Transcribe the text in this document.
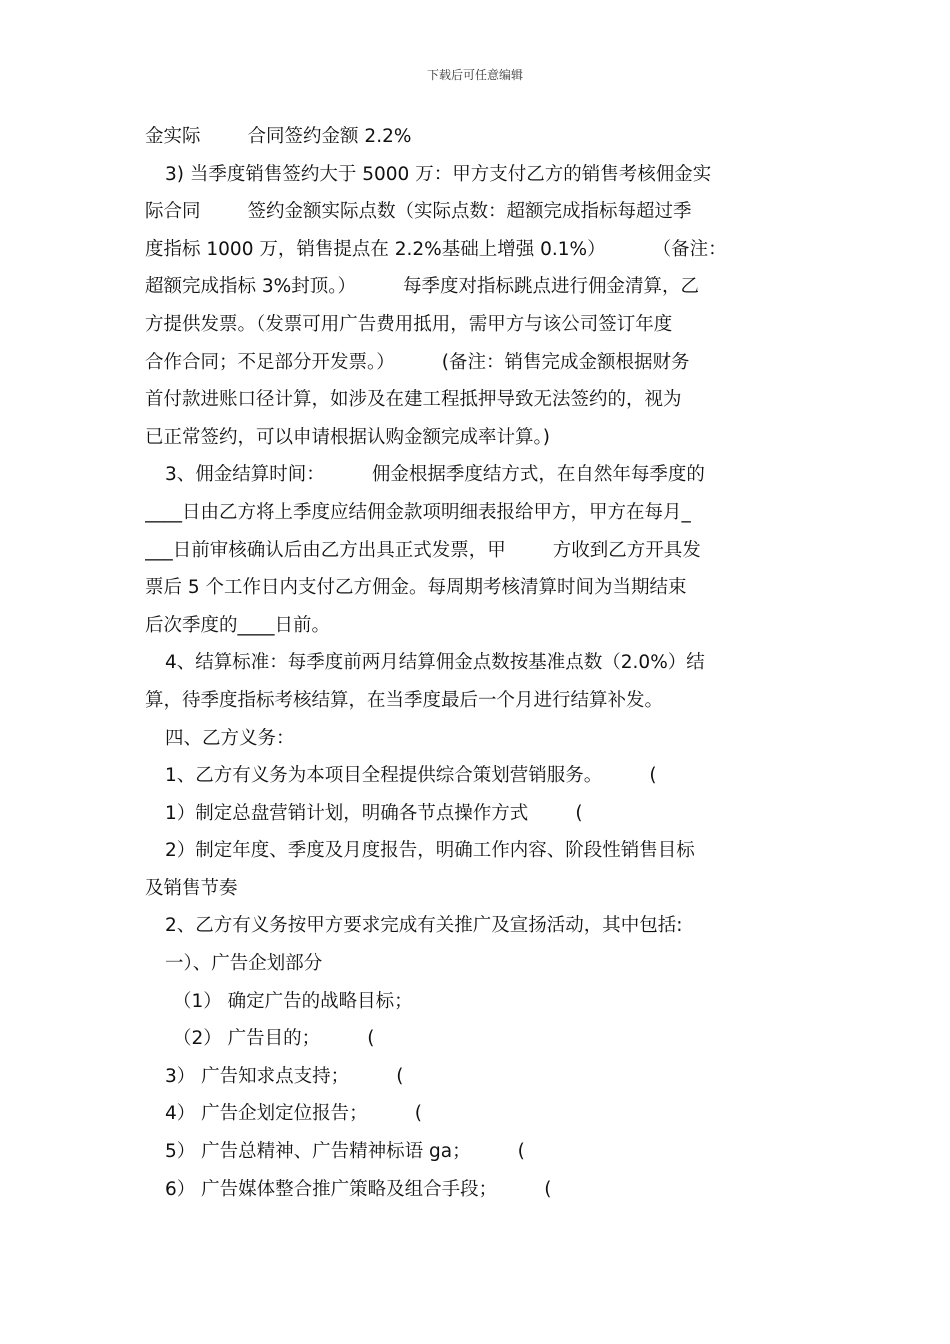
下载后可任意编辑
金实际        合同签约金额 2.2%
3) 当季度销售签约大于 5000 万：甲方支付乙方的销售考核佣金实
际合同        签约金额实际点数（实际点数：超额完成指标每超过季
度指标 1000 万，销售提点在 2.2%基础上增强 0.1%）        （备注：
超额完成指标 3%封顶。）        每季度对指标跳点进行佣金清算，乙
方提供发票。（发票可用广告费用抵用，需甲方与该公司签订年度
合作合同；不足部分开发票。）        (备注：销售完成金额根据财务
首付款进账口径计算，如涉及在建工程抵押导致无法签约的，视为
已正常签约，可以申请根据认购金额完成率计算。)
3、佣金结算时间：        佣金根据季度结方式，在自然年每季度的
____日由乙方将上季度应结佣金款项明细表报给甲方，甲方在每月_
___日前审核确认后由乙方出具正式发票，甲        方收到乙方开具发
票后 5 个工作日内支付乙方佣金。每周期考核清算时间为当期结束
后次季度的____日前。
4、结算标准：每季度前两月结算佣金点数按基准点数（2.0%）结
算，待季度指标考核结算，在当季度最后一个月进行结算补发。
四、乙方义务：
1、乙方有义务为本项目全程提供综合策划营销服务。        (
1）制定总盘营销计划，明确各节点操作方式        (
2）制定年度、季度及月度报告，明确工作内容、阶段性销售目标
及销售节奏
2、乙方有义务按甲方要求完成有关推广及宣扬活动，其中包括:
一）、广告企划部分
（1） 确定广告的战略目标；
（2） 广告目的；        (
3） 广告知求点支持；        (
4） 广告企划定位报告；        (
5） 广告总精神、广告精神标语 ga；        (
6） 广告媒体整合推广策略及组合手段；        (
